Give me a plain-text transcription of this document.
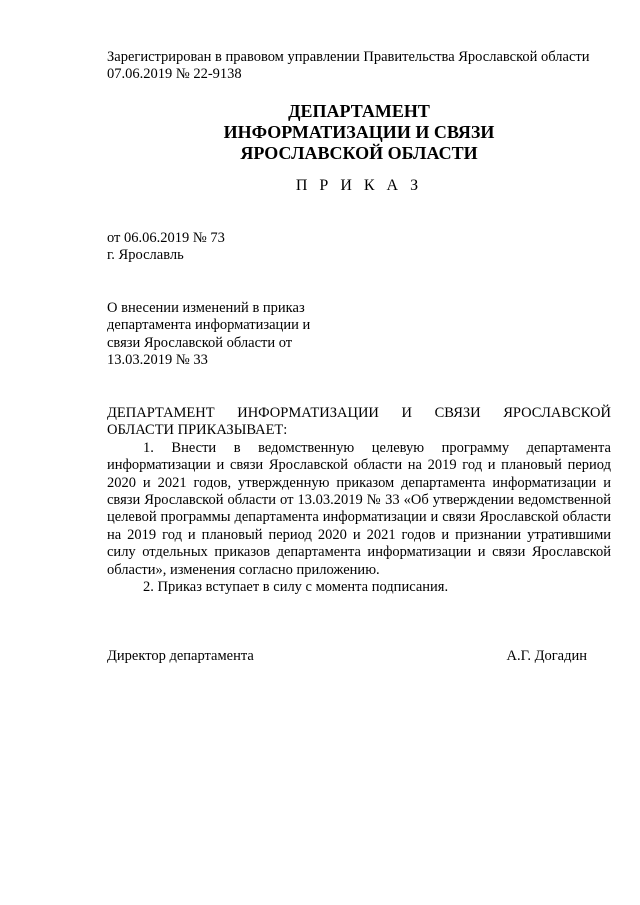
Зарегистрирован в правовом управлении Правительства Ярославской области
07.06.2019 № 22-9138
ДЕПАРТАМЕНТ
ИНФОРМАТИЗАЦИИ И СВЯЗИ
ЯРОСЛАВСКОЙ ОБЛАСТИ
П Р И К А З
от 06.06.2019 № 73
г. Ярославль
О внесении изменений в приказ
департамента информатизации и
связи Ярославской области от
13.03.2019 № 33
ДЕПАРТАМЕНТ ИНФОРМАТИЗАЦИИ И СВЯЗИ ЯРОСЛАВСКОЙ
ОБЛАСТИ ПРИКАЗЫВАЕТ:

1. Внести в ведомственную целевую программу департамента информатизации и связи Ярославской области на 2019 год и плановый период 2020 и 2021 годов, утвержденную приказом департамента информатизации и связи Ярославской области от 13.03.2019 № 33 «Об утверждении ведомственной целевой программы департамента информатизации и связи Ярославской области на 2019 год и плановый период 2020 и 2021 годов и признании утратившими силу отдельных приказов департамента информатизации и связи Ярославской области», изменения согласно приложению.

2. Приказ вступает в силу с момента подписания.

Директор департамента	А.Г. Догадин
